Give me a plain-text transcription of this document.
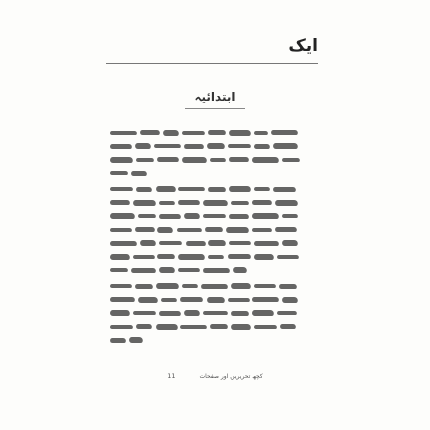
ایک
ابتدائیہ
11	کچھ تحریریں اور صفحات
